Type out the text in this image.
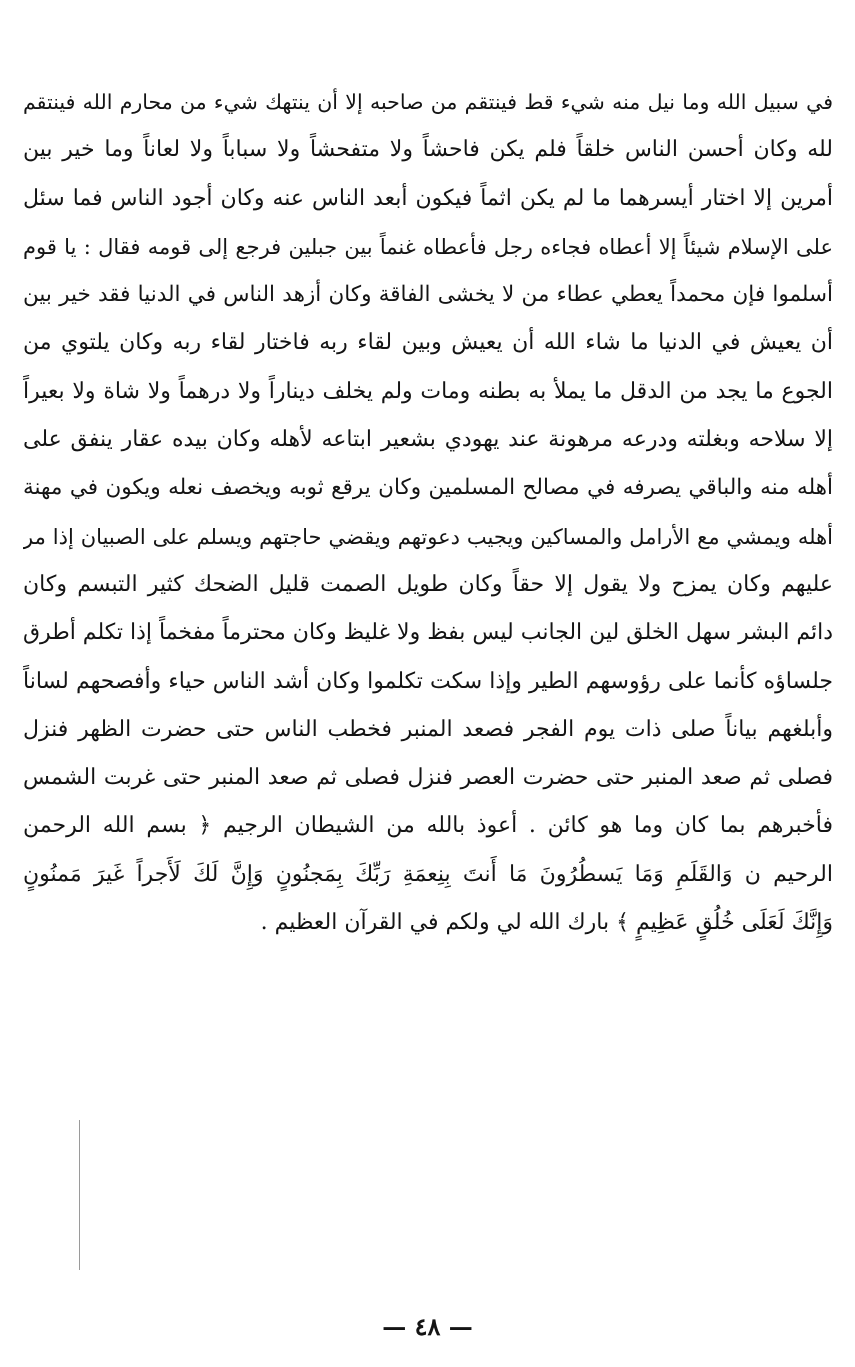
في سبيل الله وما نيل منه شيء قط فينتقم من صاحبه إلا أن ينتهك شيء من محارم الله فينتقم
لله وكان أحسن الناس خلقاً فلم يكن فاحشاً ولا متفحشاً ولا سباباً ولا لعاناً وما خير بين
أمرين إلا اختار أيسرهما ما لم يكن اثماً فيكون أبعد الناس عنه وكان أجود الناس فما سئل
على الإسلام شيئاً إلا أعطاه فجاءه رجل فأعطاه غنماً بين جبلين فرجع إلى قومه فقال : يا قوم
أسلموا فإن محمداً يعطي عطاء من لا يخشى الفاقة وكان أزهد الناس في الدنيا فقد خير بين
أن يعيش في الدنيا ما شاء الله أن يعيش وبين لقاء ربه فاختار لقاء ربه وكان يلتوي من
الجوع ما يجد من الدقل ما يملأ به بطنه ومات ولم يخلف ديناراً ولا درهماً ولا شاة ولا بعيراً
إلا سلاحه وبغلته ودرعه مرهونة عند يهودي بشعير ابتاعه لأهله وكان بيده عقار ينفق على
أهله منه والباقي يصرفه في مصالح المسلمين وكان يرقع ثوبه ويخصف نعله ويكون في مهنة
أهله ويمشي مع الأرامل والمساكين ويجيب دعوتهم ويقضي حاجتهم ويسلم على الصبيان إذا مر
عليهم وكان يمزح ولا يقول إلا حقاً وكان طويل الصمت قليل الضحك كثير التبسم وكان
دائم البشر سهل الخلق لين الجانب ليس بفظ ولا غليظ وكان محترماً مفخماً إذا تكلم أطرق
جلساؤه كأنما على رؤوسهم الطير وإذا سكت تكلموا وكان أشد الناس حياء وأفصحهم لساناً
وأبلغهم بياناً صلى ذات يوم الفجر فصعد المنبر فخطب الناس حتى حضرت الظهر فنزل
فصلى ثم صعد المنبر حتى حضرت العصر فنزل فصلى ثم صعد المنبر حتى غربت الشمس
فأخبرهم بما كان وما هو كائن . أعوذ بالله من الشيطان الرجيم ﴿ بسم الله الرحمن
الرحيم ن وَالقَلَمِ وَمَا يَسطُرُونَ مَا أَنتَ بِنِعمَةِ رَبِّكَ بِمَجنُونٍ وَإِنَّ لَكَ لَأَجراً غَيرَ مَمنُونٍ
وَإِنَّكَ لَعَلَى خُلُقٍ عَظِيمٍ ﴾ بارك الله لي ولكم في القرآن العظيم .
— ٤٨ —
